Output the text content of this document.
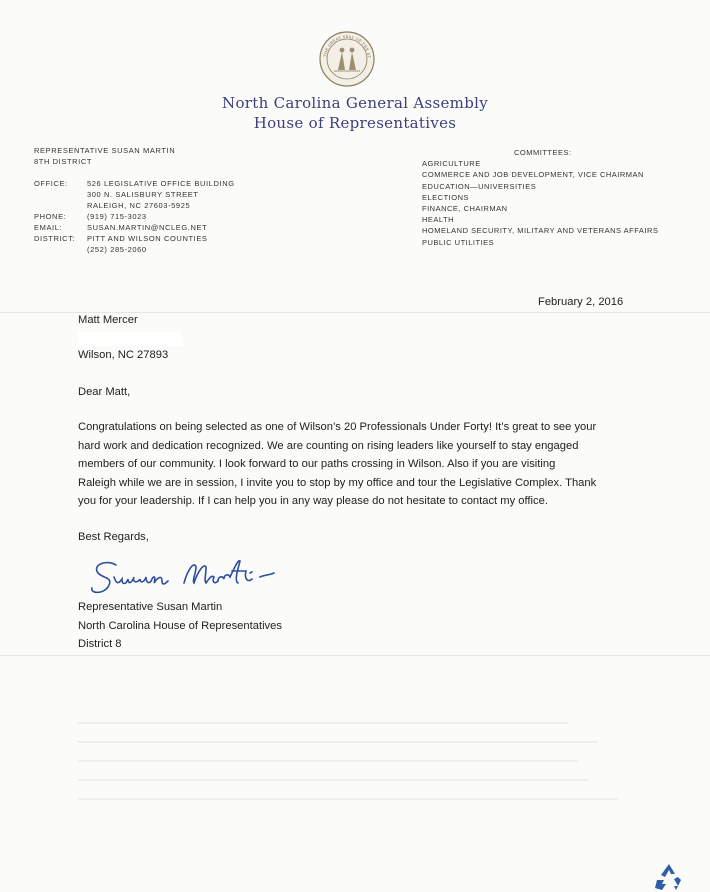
THE GREAT SEAL OF THE ST
North Carolina General Assembly
House of Representatives
REPRESENTATIVE SUSAN MARTIN
8TH DISTRICT
OFFICE:	526 LEGISLATIVE OFFICE BUILDING
300 N. SALISBURY STREET
RALEIGH, NC 27603-5925
PHONE:	(919) 715-3023
EMAIL:	SUSAN.MARTIN@NCLEG.NET
DISTRICT: PITT AND WILSON COUNTIES
(252) 285-2060
COMMITTEES:
AGRICULTURE
COMMERCE AND JOB DEVELOPMENT, VICE CHAIRMAN
EDUCATION—UNIVERSITIES
ELECTIONS
FINANCE, CHAIRMAN
HEALTH
HOMELAND SECURITY, MILITARY AND VETERANS AFFAIRS
PUBLIC UTILITIES
February 2, 2016
Matt Mercer
Wilson, NC 27893
Dear Matt,
Congratulations on being selected as one of Wilson’s 20 Professionals Under Forty! It’s great to see your
hard work and dedication recognized. We are counting on rising leaders like yourself to stay engaged
members of our community. I look forward to our paths crossing in Wilson. Also if you are visiting
Raleigh while we are in session, I invite you to stop by my office and tour the Legislative Complex. Thank
you for your leadership. If I can help you in any way please do not hesitate to contact my office.
Best Regards,
Representative Susan Martin
North Carolina House of Representatives
District 8
